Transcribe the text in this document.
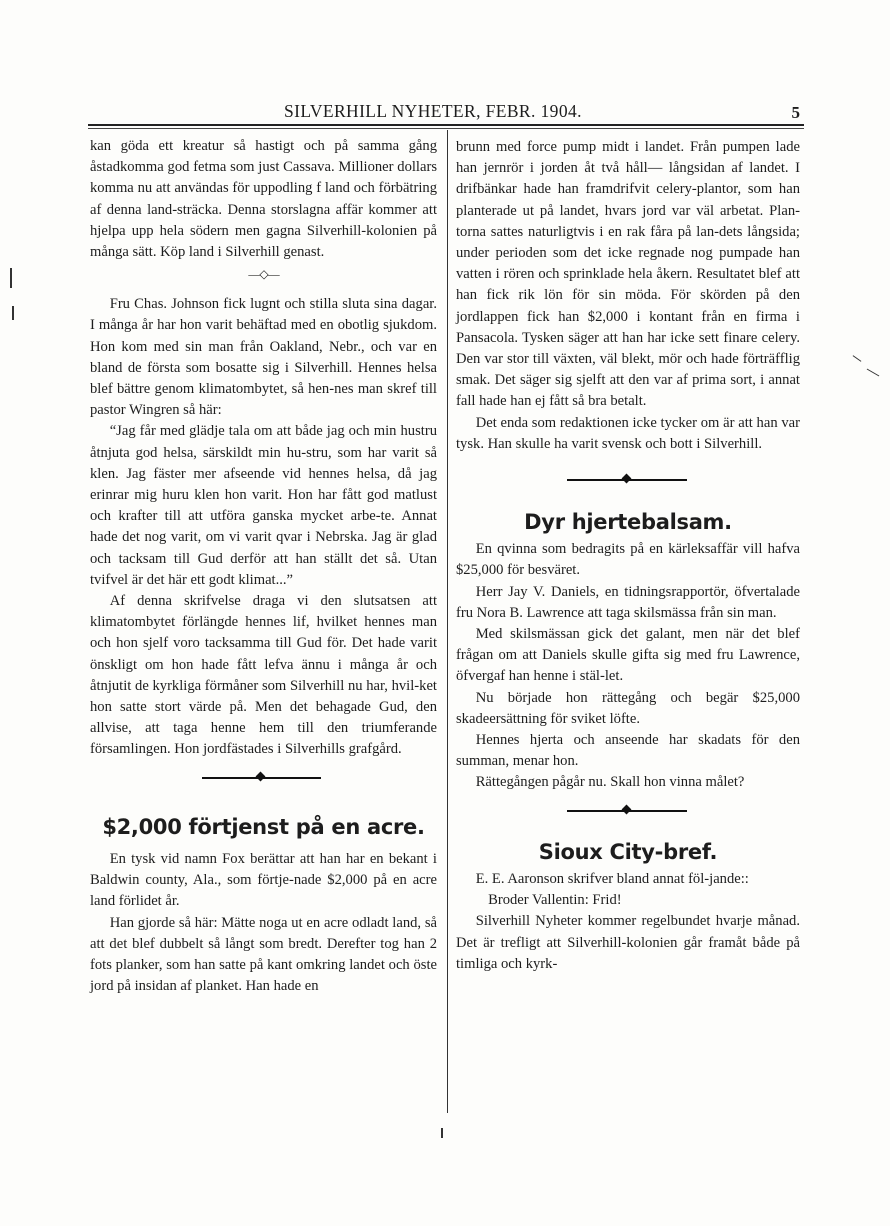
SILVERHILL NYHETER, FEBR. 1904.	5

kan göda ett kreatur så hastigt och på samma gång åstadkomma god fetma som just Cassava. Millioner dollars komma nu att användas för uppodling f land och förbätring af denna land-sträcka. Denna storslagna affär kommer att hjelpa upp hela södern men gagna Silverhill-kolonien på många sätt. Köp land i Silverhill genast.

—◇—

Fru Chas. Johnson fick lugnt och stilla sluta sina dagar. I många år har hon varit behäftad med en obotlig sjukdom. Hon kom med sin man från Oakland, Nebr., och var en bland de första som bosatte sig i Silverhill. Hennes helsa blef bättre genom klimatombytet, så hen-nes man skref till pastor Wingren så här:

“Jag får med glädje tala om att både jag och min hustru åtnjuta god helsa, särskildt min hu-stru, som har varit så klen. Jag fäster mer afseende vid hennes helsa, då jag erinrar mig huru klen hon varit. Hon har fått god matlust och krafter till att utföra ganska mycket arbe-te. Annat hade det nog varit, om vi varit qvar i Nebrska. Jag är glad och tacksam till Gud derför att han ställt det så. Utan tvifvel är det här ett godt klimat...”

Af denna skrifvelse draga vi den slutsatsen att klimatombytet förlängde hennes lif, hvilket hennes man och hon sjelf voro tacksamma till Gud för. Det hade varit önskligt om hon hade fått lefva ännu i många år och åtnjutit de kyrkliga förmåner som Silverhill nu har, hvil-ket hon satte stort värde på. Men det behagade Gud, den allvise, att taga henne hem till den triumferande församlingen. Hon jordfästades i Silverhills grafgård.

$2,000 förtjenst på en acre.

En tysk vid namn Fox berättar att han har en bekant i Baldwin county, Ala., som förtje-nade $2,000 på en acre land förlidet år.

Han gjorde så här: Mätte noga ut en acre odladt land, så att det blef dubbelt så långt som bredt. Derefter tog han 2 fots planker, som han satte på kant omkring landet och öste jord på insidan af planket. Han hade en

brunn med force pump midt i landet. Från pumpen lade han jernrör i jorden åt två håll— långsidan af landet. I drifbänkar hade han framdrifvit celery-plantor, som han planterade ut på landet, hvars jord var väl arbetat. Plan-torna sattes naturligtvis i en rak fåra på lan-dets långsida; under perioden som det icke regnade nog pumpade han vatten i rören och sprinklade hela åkern. Resultatet blef att han fick rik lön för sin möda. För skörden på den jordlappen fick han $2,000 i kontant från en firma i Pansacola. Tysken säger att han har icke sett finare celery. Den var stor till växten, väl blekt, mör och hade förträfflig smak. Det säger sig sjelft att den var af prima sort, i annat fall hade han ej fått så bra betalt.

Det enda som redaktionen icke tycker om är att han var tysk. Han skulle ha varit svensk och bott i Silverhill.

Dyr hjertebalsam.

En qvinna som bedragits på en kärleksaffär vill hafva $25,000 för besväret.

Herr Jay V. Daniels, en tidningsrapportör, öfvertalade fru Nora B. Lawrence att taga skilsmässa från sin man.

Med skilsmässan gick det galant, men när det blef frågan om att Daniels skulle gifta sig med fru Lawrence, öfvergaf han henne i stäl-let.

Nu började hon rättegång och begär $25,000 skadeersättning för sviket löfte.

Hennes hjerta och anseende har skadats för den summan, menar hon.

Rättegången pågår nu. Skall hon vinna målet?

Sioux City-bref.

E. E. Aaronson skrifver bland annat föl-jande::

Broder Vallentin: Frid!

Silverhill Nyheter kommer regelbundet hvarje månad. Det är trefligt att Silverhill-kolonien går framåt både på timliga och kyrk-
